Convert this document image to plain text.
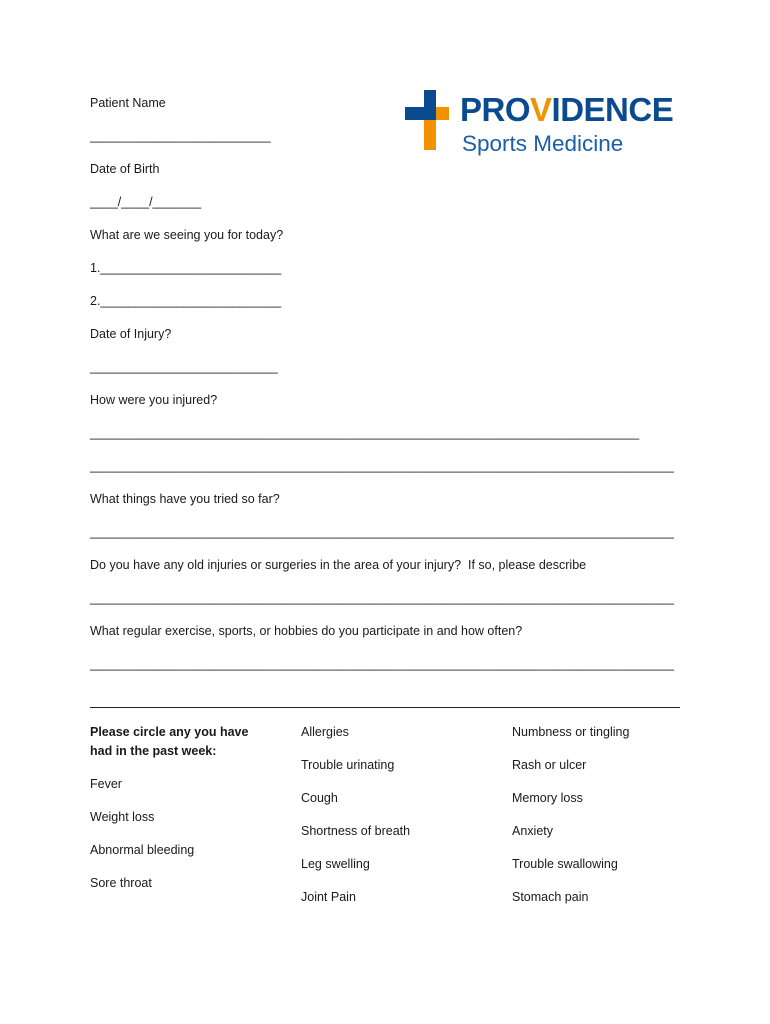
PROVIDENCE
Sports Medicine
Patient Name
__________________________
Date of Birth
____/____/_______
What are we seeing you for today?
1.__________________________
2.__________________________
Date of Injury?
___________________________
How were you injured?
_______________________________________________________________________________
____________________________________________________________________________________
What things have you tried so far?
____________________________________________________________________________________
Do you have any old injuries or surgeries in the area of your injury?  If so, please describe
____________________________________________________________________________________
What regular exercise, sports, or hobbies do you participate in and how often?
____________________________________________________________________________________
Please circle any you have
had in the past week:
Fever
Weight loss
Abnormal bleeding
Sore throat
Allergies
Trouble urinating
Cough
Shortness of breath
Leg swelling
Joint Pain
Numbness or tingling
Rash or ulcer
Memory loss
Anxiety
Trouble swallowing
Stomach pain
